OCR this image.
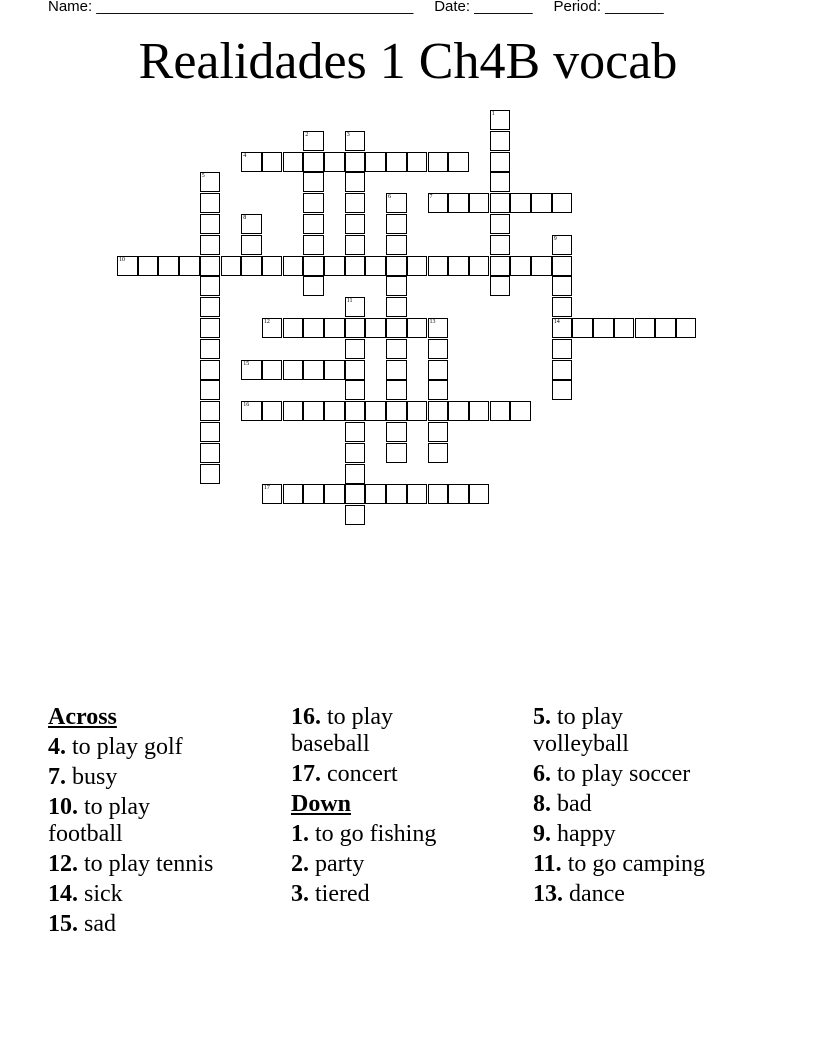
Name: ______________________________________ Date: _______ Period: _______
Realidades 1 Ch4B vocab
1
2	3
4
5
6	7
8
9
14
10
11
12	13
15
16
17
Across
4. to play golf
7. busy
10. to play football
12. to play tennis
14. sick
15. sad
16. to play baseball
17. concert
Down
1. to go fishing
2. party
3. tiered
5. to play volleyball
6. to play soccer
8. bad
9. happy
11. to go camping
13. dance
